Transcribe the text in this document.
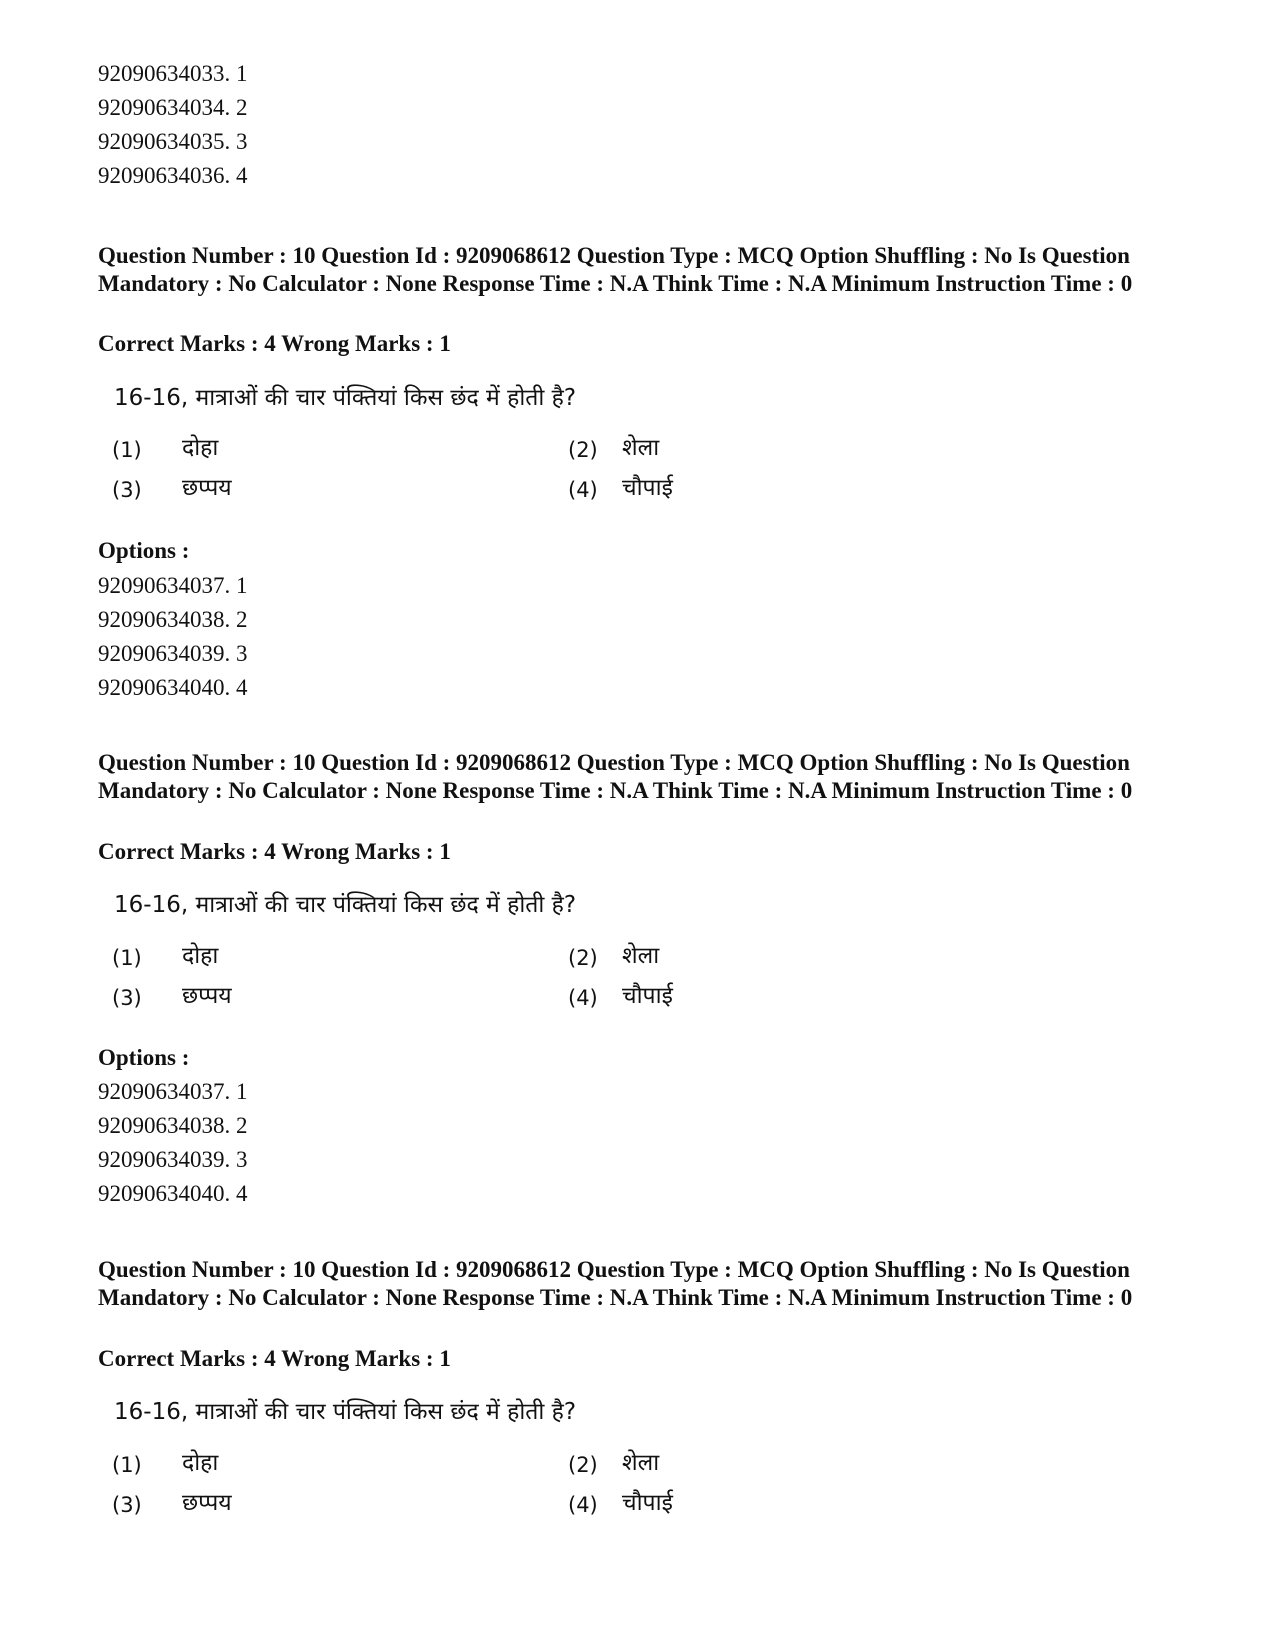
92090634033. 1
92090634034. 2
92090634035. 3
92090634036. 4
Question Number : 10 Question Id : 9209068612 Question Type : MCQ Option Shuffling : No Is Question Mandatory : No Calculator : None Response Time : N.A Think Time : N.A Minimum Instruction Time : 0
Correct Marks : 4 Wrong Marks : 1
16-16, मात्राओं की चार पंक्तियां किस छंद में होती है?
(1) दोहा	(2) शेला
(3) छप्पय	(4) चौपाई
Options :
92090634037. 1
92090634038. 2
92090634039. 3
92090634040. 4
Question Number : 10 Question Id : 9209068612 Question Type : MCQ Option Shuffling : No Is Question Mandatory : No Calculator : None Response Time : N.A Think Time : N.A Minimum Instruction Time : 0
Correct Marks : 4 Wrong Marks : 1
16-16, मात्राओं की चार पंक्तियां किस छंद में होती है?
(1) दोहा	(2) शेला
(3) छप्पय	(4) चौपाई
Options :
92090634037. 1
92090634038. 2
92090634039. 3
92090634040. 4
Question Number : 10 Question Id : 9209068612 Question Type : MCQ Option Shuffling : No Is Question Mandatory : No Calculator : None Response Time : N.A Think Time : N.A Minimum Instruction Time : 0
Correct Marks : 4 Wrong Marks : 1
16-16, मात्राओं की चार पंक्तियां किस छंद में होती है?
(1) दोहा	(2) शेला
(3) छप्पय	(4) चौपाई
